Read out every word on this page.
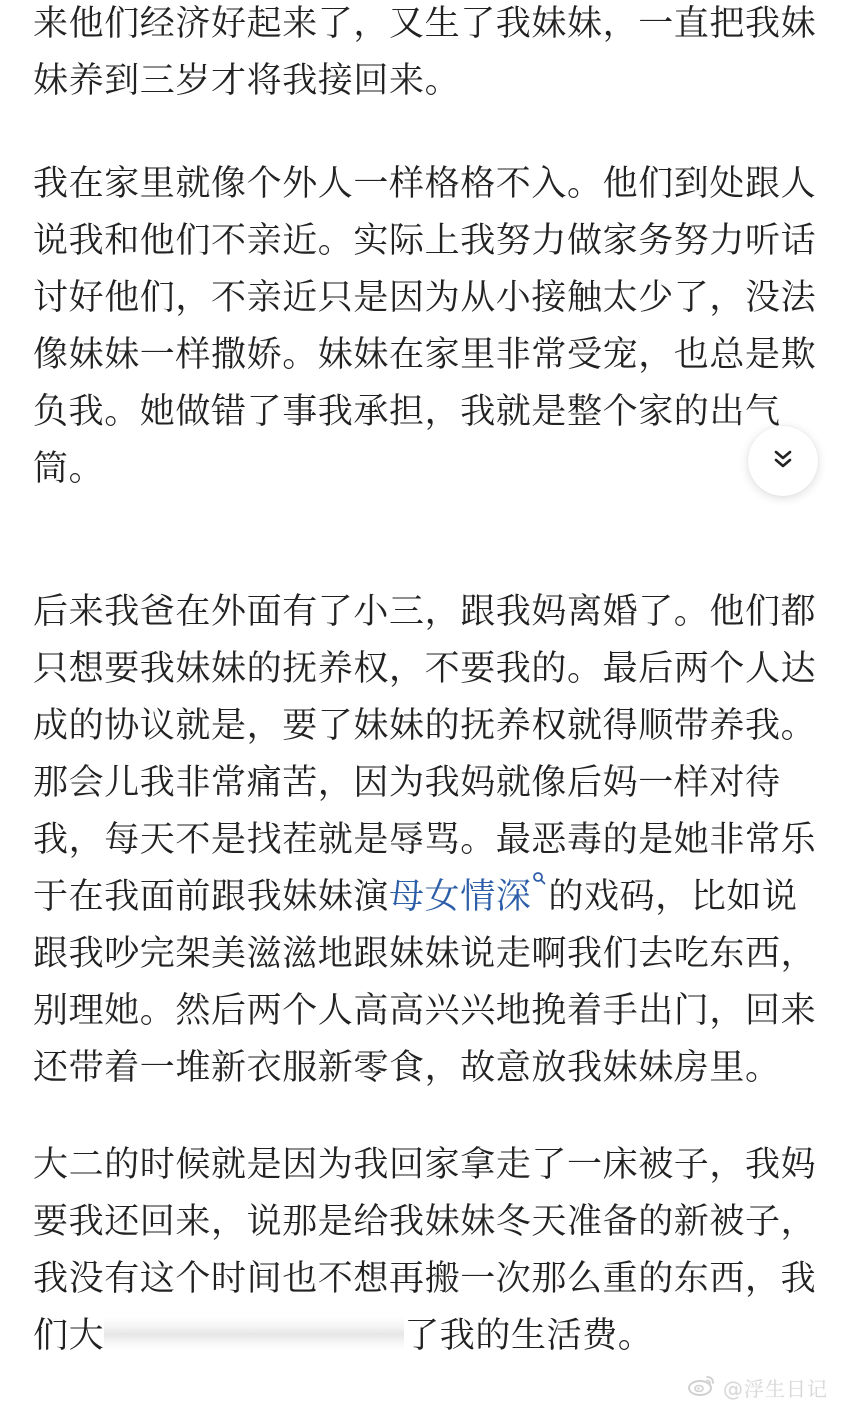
来他们经济好起来了，又生了我妹妹，一直把我妹
妹养到三岁才将我接回来。
我在家里就像个外人一样格格不入。他们到处跟人
说我和他们不亲近。实际上我努力做家务努力听话
讨好他们，不亲近只是因为从小接触太少了，没法
像妹妹一样撒娇。妹妹在家里非常受宠，也总是欺
负我。她做错了事我承担，我就是整个家的出气
筒。
后来我爸在外面有了小三，跟我妈离婚了。他们都
只想要我妹妹的抚养权，不要我的。最后两个人达
成的协议就是，要了妹妹的抚养权就得顺带养我。
那会儿我非常痛苦，因为我妈就像后妈一样对待
我，每天不是找茬就是辱骂。最恶毒的是她非常乐
于在我面前跟我妹妹演母女情深 的戏码，比如说
跟我吵完架美滋滋地跟妹妹说走啊我们去吃东西，
别理她。然后两个人高高兴兴地挽着手出门，回来
还带着一堆新衣服新零食，故意放我妹妹房里。
大二的时候就是因为我回家拿走了一床被子，我妈
要我还回来，说那是给我妹妹冬天准备的新被子，
我没有这个时间也不想再搬一次那么重的东西，我
们大	了我的生活费。
@浮生日记
